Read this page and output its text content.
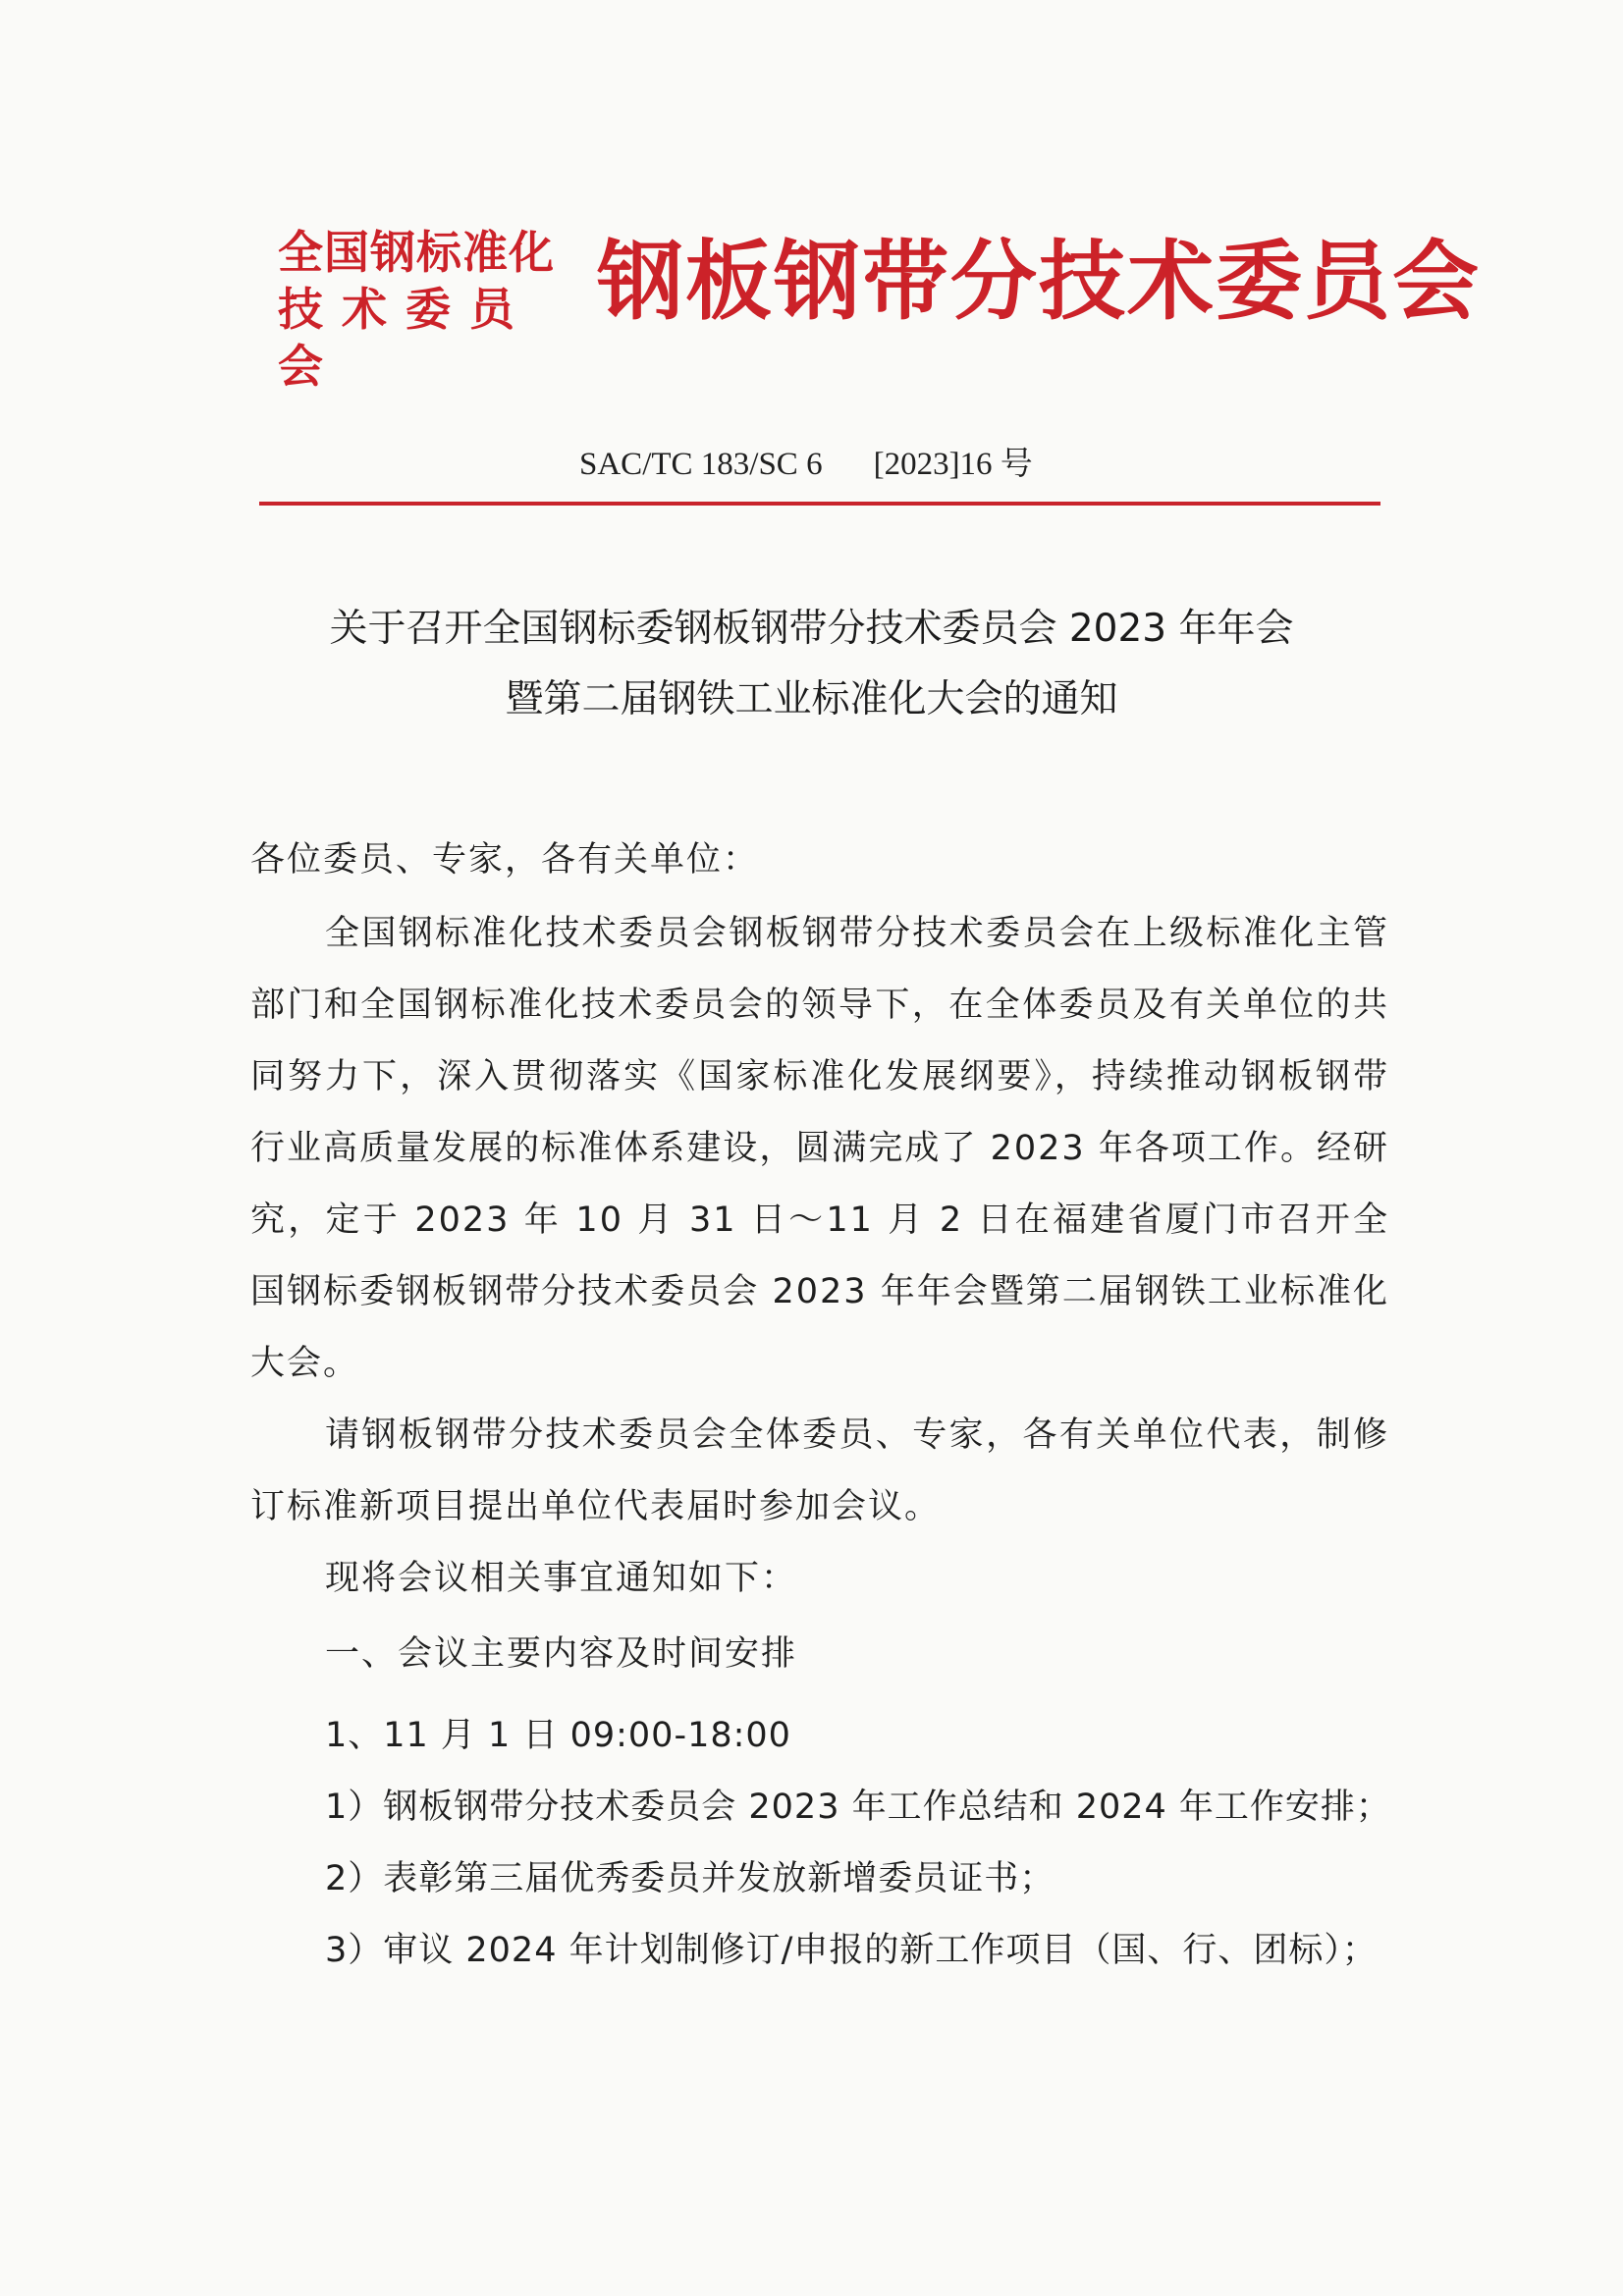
全国钢标准化
技术委员会
钢板钢带分技术委员会
SAC/TC 183/SC 6 [2023]16 号
关于召开全国钢标委钢板钢带分技术委员会 2023 年年会
暨第二届钢铁工业标准化大会的通知

各位委员、专家，各有关单位：

全国钢标准化技术委员会钢板钢带分技术委员会在上级标准化主管部门和全国钢标准化技术委员会的领导下，在全体委员及有关单位的共同努力下，深入贯彻落实《国家标准化发展纲要》，持续推动钢板钢带行业高质量发展的标准体系建设，圆满完成了 2023 年各项工作。经研究，定于 2023 年 10 月 31 日～11 月 2 日在福建省厦门市召开全国钢标委钢板钢带分技术委员会 2023 年年会暨第二届钢铁工业标准化大会。

请钢板钢带分技术委员会全体委员、专家，各有关单位代表，制修订标准新项目提出单位代表届时参加会议。

现将会议相关事宜通知如下：

一、会议主要内容及时间安排

1、11 月 1 日 09:00-18:00

1）钢板钢带分技术委员会 2023 年工作总结和 2024 年工作安排；

2）表彰第三届优秀委员并发放新增委员证书；

3）审议 2024 年计划制修订/申报的新工作项目（国、行、团标）；
